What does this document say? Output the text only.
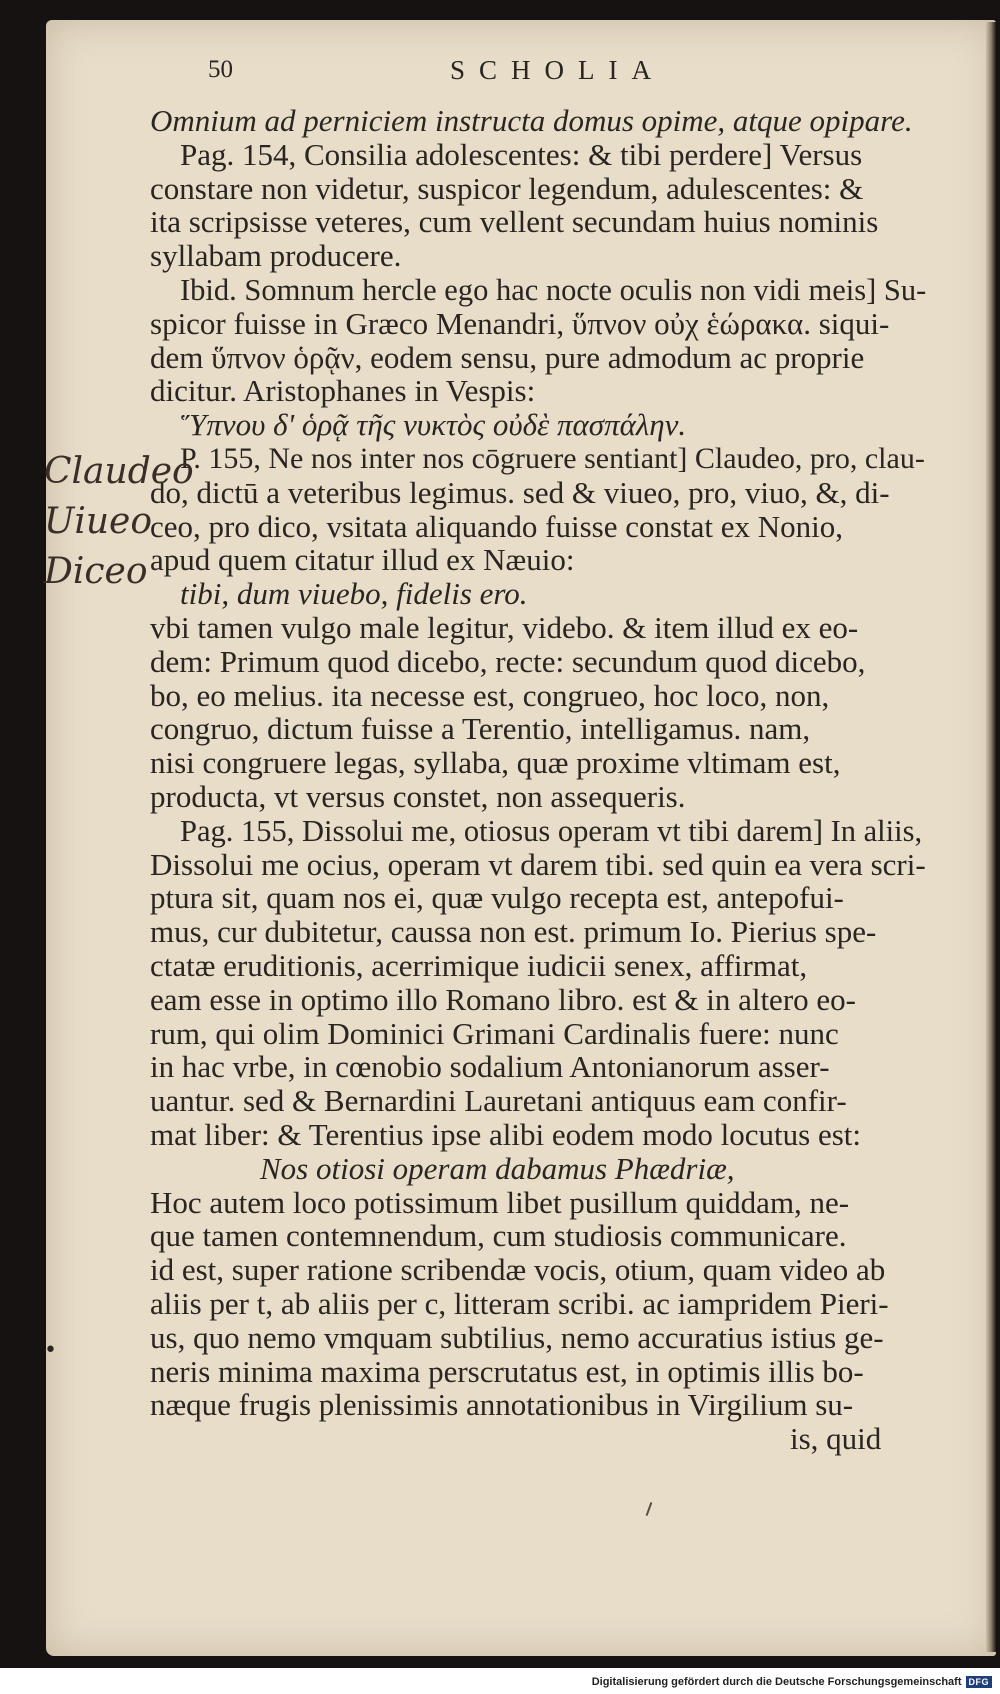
50	SCHOLIA
Omnium ad perniciem instructa domus opime, atque opipare.
Pag. 154, Consilia adolescentes: & tibi perdere] Versus
constare non videtur, suspicor legendum, adulescentes: &
ita scripsisse veteres, cum vellent secundam huius nominis
syllabam producere.
Ibid. Somnum hercle ego hac nocte oculis non vidi meis] Su-
spicor fuisse in Græco Menandri, ὕπνον οὐχ ἑώρακα. siqui-
dem ὕπνον ὁρᾷν, eodem sensu, pure admodum ac proprie
dicitur. Aristophanes in Vespis:
Ὕπνου δ' ὁρᾷ τῆς νυκτὸς οὐδὲ πασπάλην.
P. 155, Ne nos inter nos cōgruere sentiant] Claudeo, pro, clau-
do, dictū a veteribus legimus. sed & viueo, pro, viuo, &, di-
ceo, pro dico, vsitata aliquando fuisse constat ex Nonio,
apud quem citatur illud ex Næuio:
tibi, dum viuebo, fidelis ero.
vbi tamen vulgo male legitur, videbo. & item illud ex eo-
dem: Primum quod dicebo, recte: secundum quod dicebo,
bo, eo melius. ita necesse est, congrueo, hoc loco, non,
congruo, dictum fuisse a Terentio, intelligamus. nam,
nisi congruere legas, syllaba, quæ proxime vltimam est,
producta, vt versus constet, non assequeris.
Pag. 155, Dissolui me, otiosus operam vt tibi darem] In aliis,
Dissolui me ocius, operam vt darem tibi. sed quin ea vera scri-
ptura sit, quam nos ei, quæ vulgo recepta est, antepofui-
mus, cur dubitetur, caussa non est. primum Io. Pierius spe-
ctatæ eruditionis, acerrimique iudicii senex, affirmat,
eam esse in optimo illo Romano libro. est & in altero eo-
rum, qui olim Dominici Grimani Cardinalis fuere: nunc
in hac vrbe, in cœnobio sodalium Antonianorum asser-
uantur. sed & Bernardini Lauretani antiquus eam confir-
mat liber: & Terentius ipse alibi eodem modo locutus est:
Nos otiosi operam dabamus Phædriæ,
Hoc autem loco potissimum libet pusillum quiddam, ne-
que tamen contemnendum, cum studiosis communicare.
id est, super ratione scribendæ vocis, otium, quam video ab
aliis per t, ab aliis per c, litteram scribi. ac iampridem Pieri-
us, quo nemo vmquam subtilius, nemo accuratius istius ge-
neris minima maxima perscrutatus est, in optimis illis bo-
næque frugis plenissimis annotationibus in Virgilium su-
is, quid
Claudeo
Uiueo
Diceo
•
Digitalisierung gefördert durch die Deutsche Forschungsgemeinschaft DFG
